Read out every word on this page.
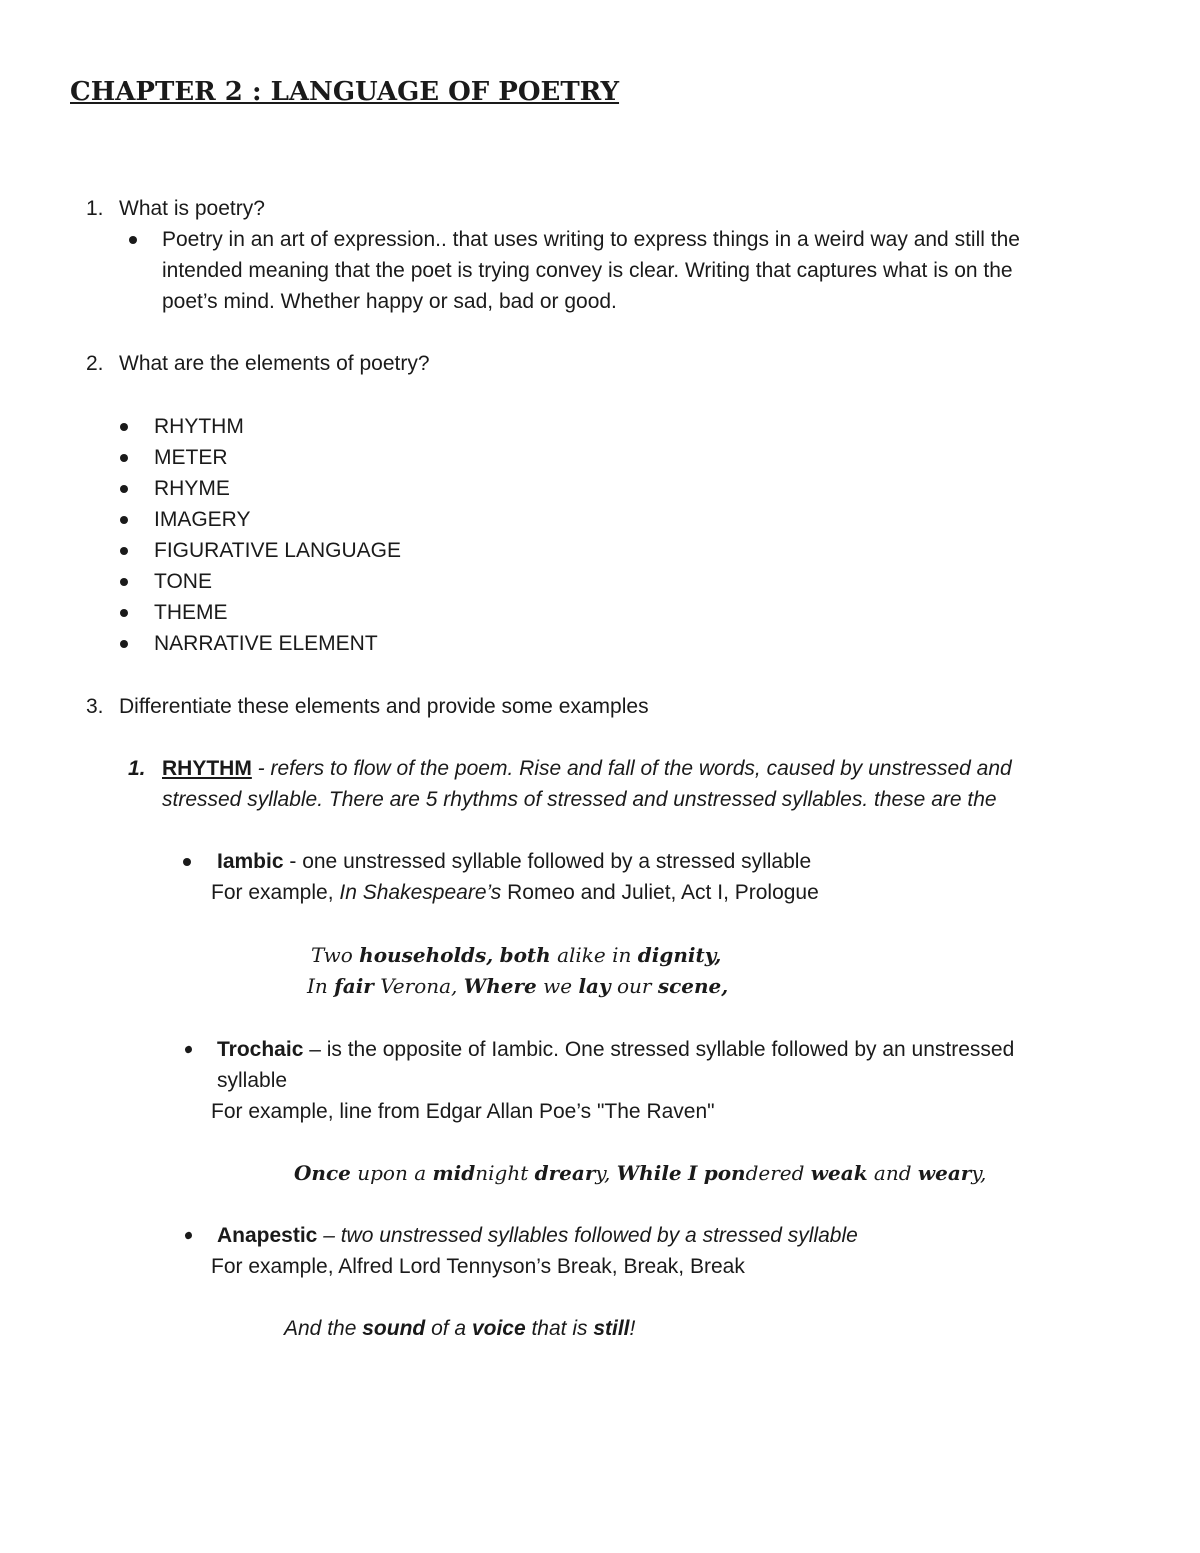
CHAPTER 2 : LANGUAGE OF POETRY
1. What is poetry?
Poetry in an art of expression.. that uses writing to express things in a weird way and still the
intended meaning that the poet is trying convey is clear. Writing that captures what is on the
poet’s mind. Whether happy or sad, bad or good.
2. What are the elements of poetry?
RHYTHM
METER
RHYME
IMAGERY
FIGURATIVE LANGUAGE
TONE
THEME
NARRATIVE ELEMENT
3. Differentiate these elements and provide some examples
1. RHYTHM - refers to flow of the poem. Rise and fall of the words, caused by unstressed and
stressed syllable. There are 5 rhythms of stressed and unstressed syllables. these are the
Iambic - one unstressed syllable followed by a stressed syllable
For example, In Shakespeare’s Romeo and Juliet, Act I, Prologue
Two households, both alike in dignity,
In fair Verona, Where we lay our scene,
Trochaic – is the opposite of Iambic. One stressed syllable followed by an unstressed
syllable
For example, line from Edgar Allan Poe’s "The Raven"
Once upon a midnight dreary, While I pondered weak and weary,
Anapestic – two unstressed syllables followed by a stressed syllable
For example, Alfred Lord Tennyson’s Break, Break, Break
And the sound of a voice that is still!
